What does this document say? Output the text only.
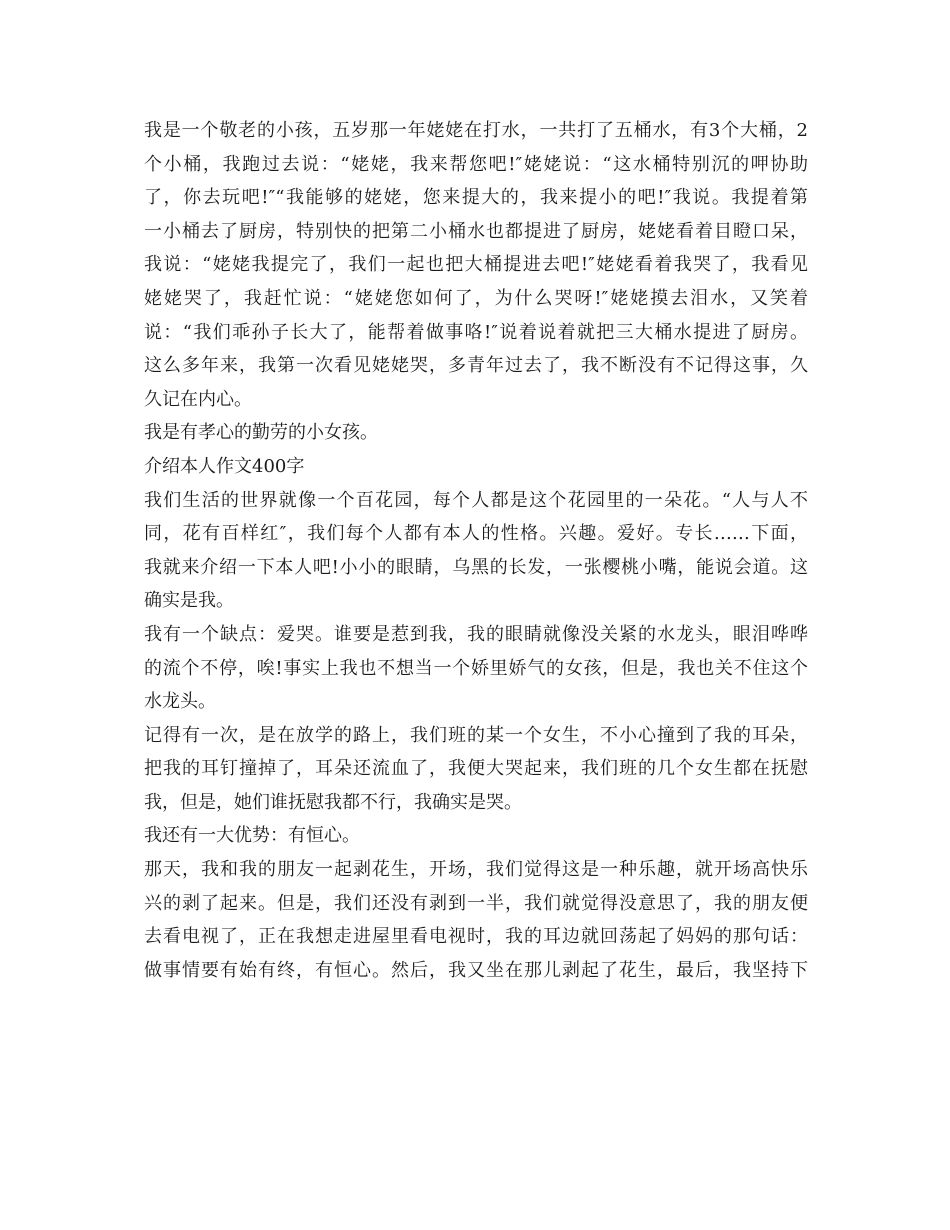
我是一个敬老的小孩，五岁那一年姥姥在打水，一共打了五桶水，有3个大桶，2
个小桶，我跑过去说：“姥姥，我来帮您吧!″姥姥说：“这水桶特别沉的呷协助
了，你去玩吧!″“我能够的姥姥，您来提大的，我来提小的吧!″我说。我提着第
一小桶去了厨房，特别快的把第二小桶水也都提进了厨房，姥姥看着目瞪口呆，
我说：“姥姥我提完了，我们一起也把大桶提进去吧!″姥姥看着我哭了，我看见
姥姥哭了，我赶忙说：“姥姥您如何了，为什么哭呀!″姥姥摸去泪水，又笑着
说：“我们乖孙子长大了，能帮着做事咯!″说着说着就把三大桶水提进了厨房。
这么多年来，我第一次看见姥姥哭，多青年过去了，我不断没有不记得这事，久
久记在内心。
我是有孝心的勤劳的小女孩。
介绍本人作文400字
我们生活的世界就像一个百花园，每个人都是这个花园里的一朵花。“人与人不
同，花有百样红″，我们每个人都有本人的性格。兴趣。爱好。专长……下面，
我就来介绍一下本人吧!小小的眼睛，乌黑的长发，一张樱桃小嘴，能说会道。这
确实是我。
我有一个缺点：爱哭。谁要是惹到我，我的眼睛就像没关紧的水龙头，眼泪哗哗
的流个不停，唉!事实上我也不想当一个娇里娇气的女孩，但是，我也关不住这个
水龙头。
记得有一次，是在放学的路上，我们班的某一个女生，不小心撞到了我的耳朵，
把我的耳钉撞掉了，耳朵还流血了，我便大哭起来，我们班的几个女生都在抚慰
我，但是，她们谁抚慰我都不行，我确实是哭。
我还有一大优势：有恒心。
那天，我和我的朋友一起剥花生，开场，我们觉得这是一种乐趣，就开场高快乐
兴的剥了起来。但是，我们还没有剥到一半，我们就觉得没意思了，我的朋友便
去看电视了，正在我想走进屋里看电视时，我的耳边就回荡起了妈妈的那句话：
做事情要有始有终，有恒心。然后，我又坐在那儿剥起了花生，最后，我坚持下
